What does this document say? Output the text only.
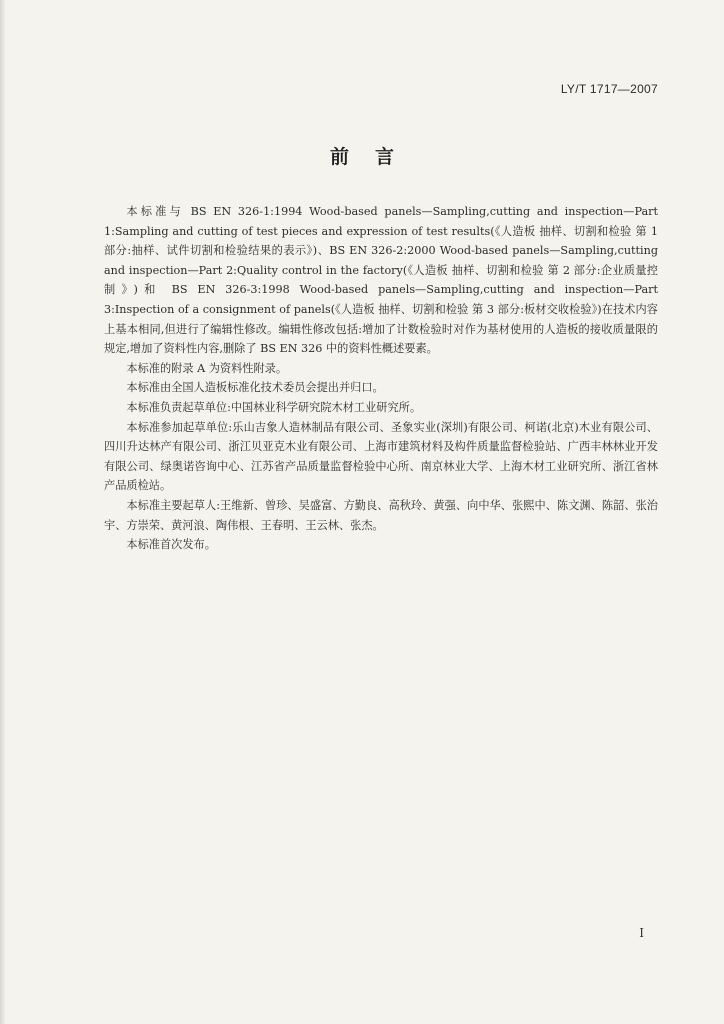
LY/T 1717—2007
前言

本标准与 BS EN 326-1:1994 Wood-based panels—Sampling,cutting and inspection—Part 1:Sampling and cutting of test pieces and expression of test results(《人造板 抽样、切割和检验 第 1 部分:抽样、试件切割和检验结果的表示》)、BS EN 326-2:2000 Wood-based panels—Sampling,cutting and inspection—Part 2:Quality control in the factory(《人造板 抽样、切割和检验 第 2 部分:企业质量控制》)和 BS EN 326-3:1998 Wood-based panels—Sampling,cutting and inspection—Part 3:Inspection of a consignment of panels(《人造板 抽样、切割和检验 第 3 部分:板材交收检验》)在技术内容上基本相同,但进行了编辑性修改。编辑性修改包括:增加了计数检验时对作为基材使用的人造板的接收质量限的规定,增加了资料性内容,删除了 BS EN 326 中的资料性概述要素。

本标准的附录 A 为资料性附录。

本标准由全国人造板标准化技术委员会提出并归口。

本标准负责起草单位:中国林业科学研究院木材工业研究所。

本标准参加起草单位:乐山吉象人造林制品有限公司、圣象实业(深圳)有限公司、柯诺(北京)木业有限公司、四川升达林产有限公司、浙江贝亚克木业有限公司、上海市建筑材料及构件质量监督检验站、广西丰林林业开发有限公司、绿奥诺咨询中心、江苏省产品质量监督检验中心所、南京林业大学、上海木材工业研究所、浙江省林产品质检站。

本标准主要起草人:王维新、曾珍、吴盛富、方勤良、高秋玲、黄强、向中华、张熙中、陈文渊、陈韶、张治宇、方崇荣、黄河浪、陶伟根、王春明、王云林、张杰。

本标准首次发布。

I
